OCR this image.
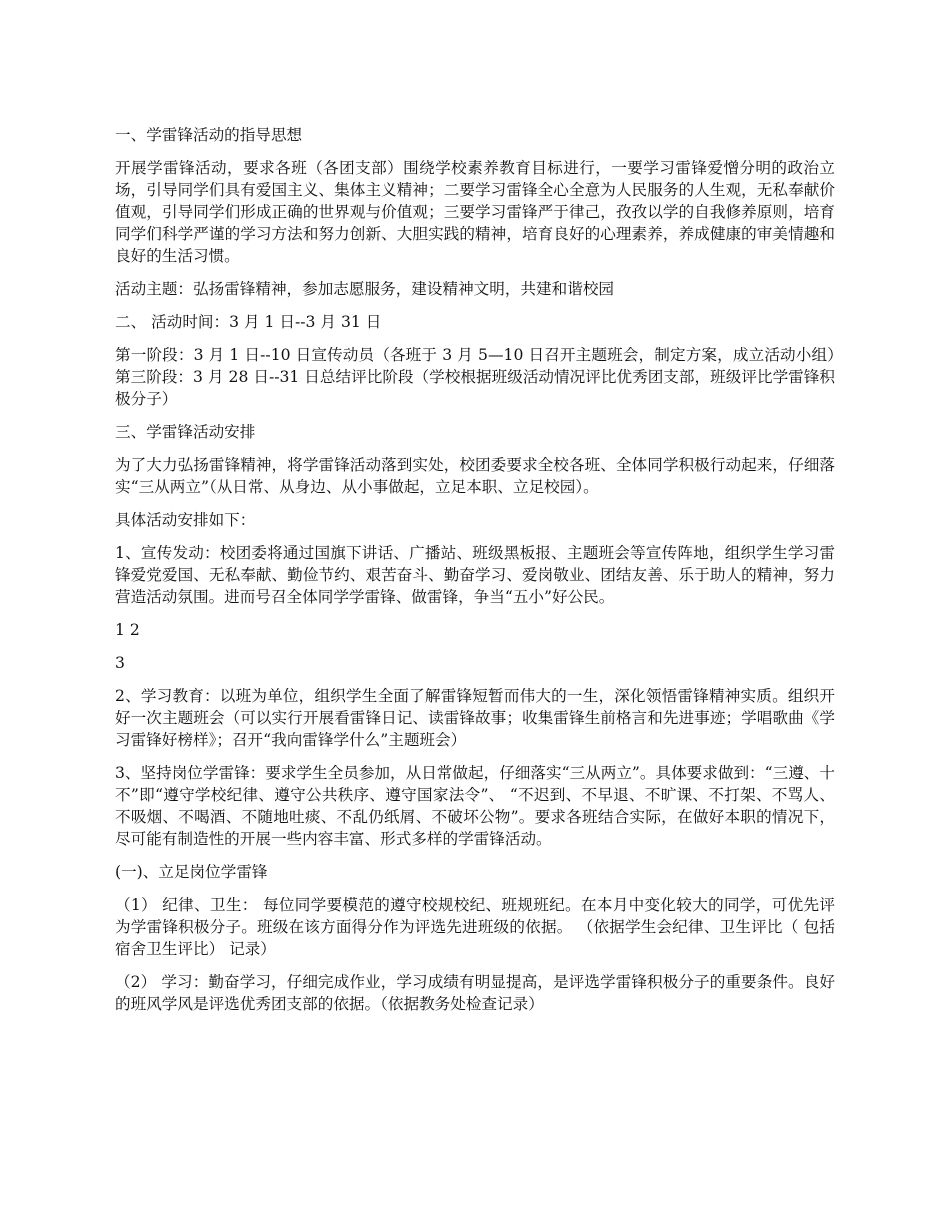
一、学雷锋活动的指导思想

开展学雷锋活动，要求各班（各团支部）围绕学校素养教育目标进行，一要学习雷锋爱憎分明的政治立场，引导同学们具有爱国主义、集体主义精神；二要学习雷锋全心全意为人民服务的人生观，无私奉献价值观，引导同学们形成正确的世界观与价值观；三要学习雷锋严于律己，孜孜以学的自我修养原则，培育同学们科学严谨的学习方法和努力创新、大胆实践的精神，培育良好的心理素养，养成健康的审美情趣和良好的生活习惯。

活动主题：弘扬雷锋精神，参加志愿服务，建设精神文明，共建和谐校园

二、 活动时间：3 月 1 日--3 月 31 日

第一阶段：3 月 1 日--10 日宣传动员（各班于 3 月 5—10 日召开主题班会，制定方案，成立活动小组）第三阶段：3 月 28 日--31 日总结评比阶段（学校根据班级活动情况评比优秀团支部，班级评比学雷锋积极分子）

三、学雷锋活动安排

为了大力弘扬雷锋精神，将学雷锋活动落到实处，校团委要求全校各班、全体同学积极行动起来，仔细落实“三从两立”（从日常、从身边、从小事做起，立足本职、立足校园）。

具体活动安排如下：

1、宣传发动：校团委将通过国旗下讲话、广播站、班级黑板报、主题班会等宣传阵地，组织学生学习雷锋爱党爱国、无私奉献、勤俭节约、艰苦奋斗、勤奋学习、爱岗敬业、团结友善、乐于助人的精神，努力营造活动氛围。进而号召全体同学学雷锋、做雷锋，争当“五小”好公民。

1 2

3

2、学习教育：以班为单位，组织学生全面了解雷锋短暂而伟大的一生，深化领悟雷锋精神实质。组织开好一次主题班会（可以实行开展看雷锋日记、读雷锋故事；收集雷锋生前格言和先进事迹；学唱歌曲《学习雷锋好榜样》；召开“我向雷锋学什么”主题班会）

3、坚持岗位学雷锋：要求学生全员参加，从日常做起，仔细落实“三从两立”。具体要求做到：“三遵、十不”即“遵守学校纪律、遵守公共秩序、遵守国家法令”、 “不迟到、不早退、不旷课、不打架、不骂人、不吸烟、不喝酒、不随地吐痰、不乱仍纸屑、不破坏公物”。要求各班结合实际，在做好本职的情况下，尽可能有制造性的开展一些内容丰富、形式多样的学雷锋活动。

(一)、立足岗位学雷锋

（1） 纪律、卫生： 每位同学要模范的遵守校规校纪、班规班纪。在本月中变化较大的同学，可优先评为学雷锋积极分子。班级在该方面得分作为评选先进班级的依据。 （依据学生会纪律、卫生评比（ 包括宿舍卫生评比） 记录）

（2） 学习：勤奋学习，仔细完成作业，学习成绩有明显提高，是评选学雷锋积极分子的重要条件。良好的班风学风是评选优秀团支部的依据。（依据教务处检查记录）
